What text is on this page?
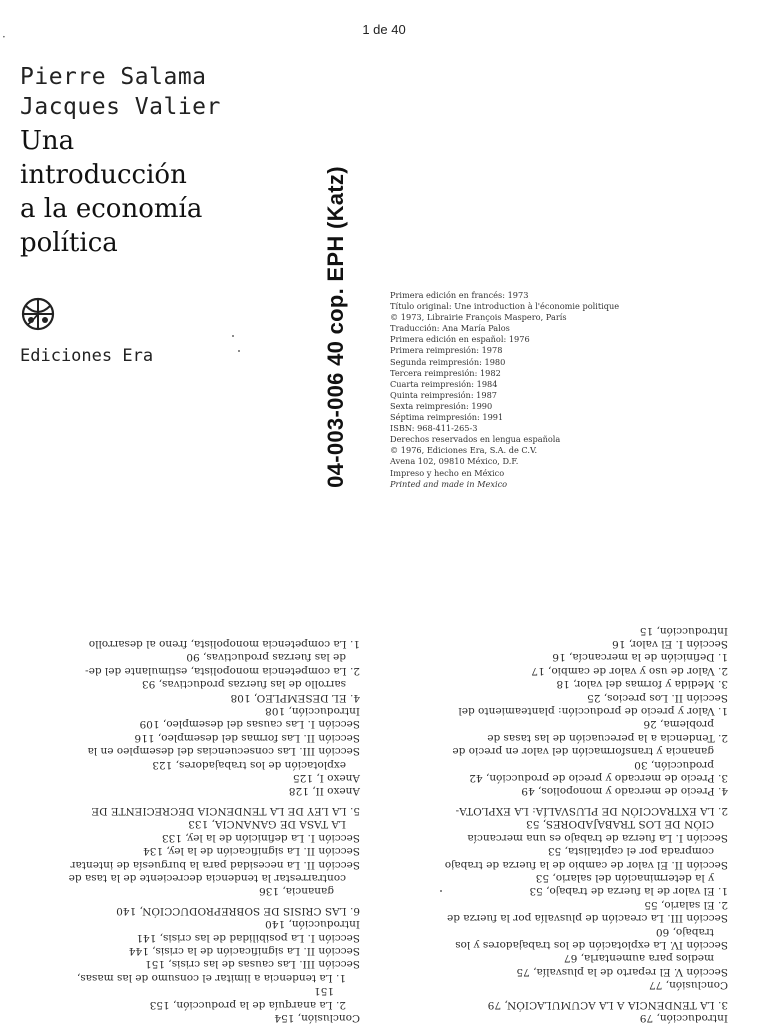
1 de 40
·
Pierre Salama
Jacques Valier
Una
introducción
a la economía
política
Ediciones Era	04-003-006 40 cop. EPH (Katz)	Primera edición en francés: 1973
Título original: Une introduction à l'économie politique
© 1973, Librairie François Maspero, París
Traducción: Ana María Palos
Primera edición en español: 1976
Primera reimpresión: 1978
Segunda reimpresión: 1980
Tercera reimpresión: 1982
Cuarta reimpresión: 1984
Quinta reimpresión: 1987
Sexta reimpresión: 1990
Séptima reimpresión: 1991
ISBN: 968-411-265-3
Derechos reservados en lengua española
© 1976, Ediciones Era, S.A. de C.V.
Avena 102, 09810 México, D.F.
Impreso y hecho en México
Printed and made in Mexico
Conclusión, 154
2. La anarquía de la producción, 153
151
1. La tendencia a limitar el consumo de las masas,
Sección III. Las causas de las crisis, 151
Sección II. La significación de la crisis, 144
Sección I. La posibilidad de las crisis, 141
Introducción, 140
6. LAS CRISIS DE SOBREPRODUCCIÓN, 140
ganancia, 136
contrarrestar la tendencia decreciente de la tasa de
Sección II. La necesidad para la burguesía de intentar
Sección II. La significación de la ley, 134
Sección I. La definición de la ley, 133
LA TASA DE GANANCIA, 133
5. LA LEY DE LA TENDENCIA DECRECIENTE DE
Anexo II, 128
Anexo I, 125
explotación de los trabajadores, 123
Sección III. Las consecuencias del desempleo en la
Sección II. Las formas del desempleo, 116
Sección I. Las causas del desempleo, 109
Introducción, 108
4. EL DESEMPLEO, 108
sarrollo de las fuerzas productivas, 93
2. La competencia monopolista, estimulante del de-
de las fuerzas productivas, 90
1. La competencia monopolista, freno al desarrollo
Introducción, 79
3. LA TENDENCIA A LA ACUMULACIÓN, 79
Conclusión, 77
Sección V. El reparto de la plusvalía, 75
medios para aumentarla, 67
Sección IV. La explotación de los trabajadores y los
trabajo, 60
Sección III. La creación de plusvalía por la fuerza de
2. El salario, 55
1. El valor de la fuerza de trabajo, 53
y la determinación del salario, 53
Sección II. El valor de cambio de la fuerza de trabajo
comprada por el capitalista, 53
Sección I. La fuerza de trabajo es una mercancía
CIÓN DE LOS TRABAJADORES, 53
2. LA EXTRACCIÓN DE PLUSVALÍA: LA EXPLOTA-
4. Precio de mercado y monopolios, 49
3. Precio de mercado y precio de producción, 42
producción, 30
ganancia y transformación del valor en precio de
2. Tendencia a la perecuación de las tasas de
problema, 26
1. Valor y precio de producción: planteamiento del
Sección II. Los precios, 25
3. Medida y formas del valor, 18
2. Valor de uso y valor de cambio, 17
1. Definición de la mercancía, 16
Sección I. El valor, 16
Introducción, 15
